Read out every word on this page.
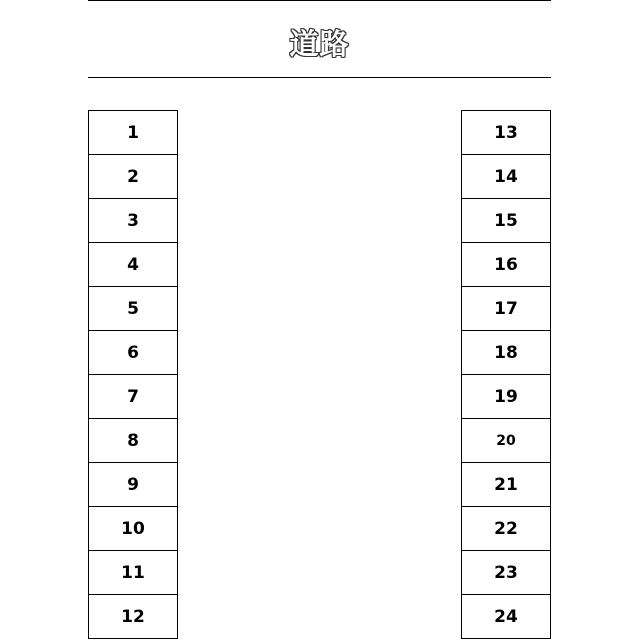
道路
1
2
3
4
5
6
7
8
9
10
11
12
13
14
15
16
17
18
19
20
21
22
23
24
